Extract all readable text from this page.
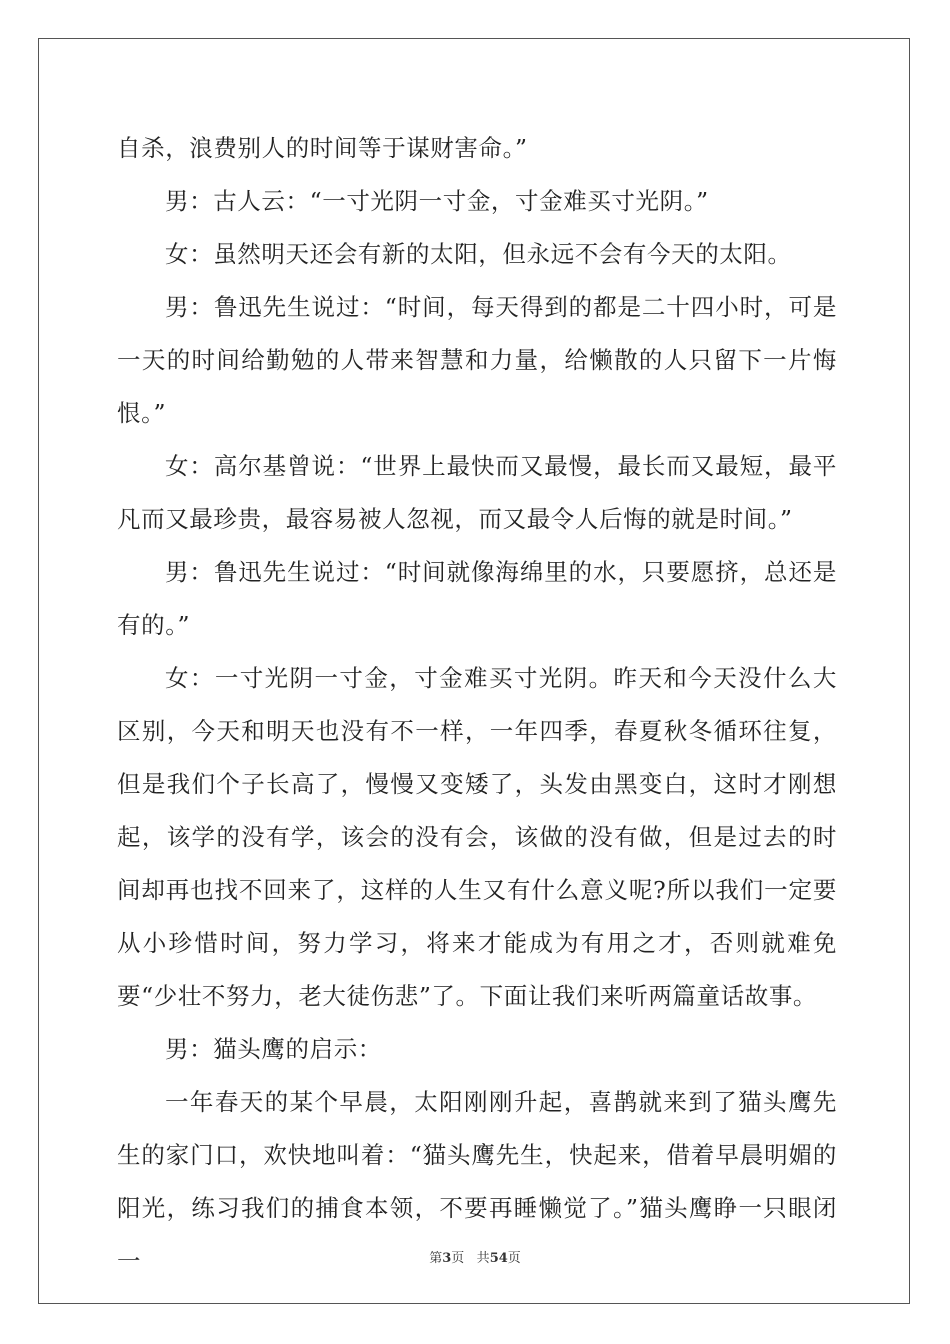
自杀，浪费别人的时间等于谋财害命。”

男：古人云：“一寸光阴一寸金，寸金难买寸光阴。”

女：虽然明天还会有新的太阳，但永远不会有今天的太阳。

男：鲁迅先生说过：“时间，每天得到的都是二十四小时，可是一天的时间给勤勉的人带来智慧和力量，给懒散的人只留下一片悔恨。”

女：高尔基曾说：“世界上最快而又最慢，最长而又最短，最平凡而又最珍贵，最容易被人忽视，而又最令人后悔的就是时间。”

男：鲁迅先生说过：“时间就像海绵里的水，只要愿挤，总还是有的。”

女：一寸光阴一寸金，寸金难买寸光阴。昨天和今天没什么大区别，今天和明天也没有不一样，一年四季，春夏秋冬循环往复，但是我们个子长高了，慢慢又变矮了，头发由黑变白，这时才刚想起，该学的没有学，该会的没有会，该做的没有做，但是过去的时间却再也找不回来了，这样的人生又有什么意义呢?所以我们一定要从小珍惜时间，努力学习，将来才能成为有用之才，否则就难免要“少壮不努力，老大徒伤悲”了。下面让我们来听两篇童话故事。

男：猫头鹰的启示：

一年春天的某个早晨，太阳刚刚升起，喜鹊就来到了猫头鹰先生的家门口，欢快地叫着：“猫头鹰先生，快起来，借着早晨明媚的阳光，练习我们的捕食本领，不要再睡懒觉了。”猫头鹰睁一只眼闭一	第3页 共54页
